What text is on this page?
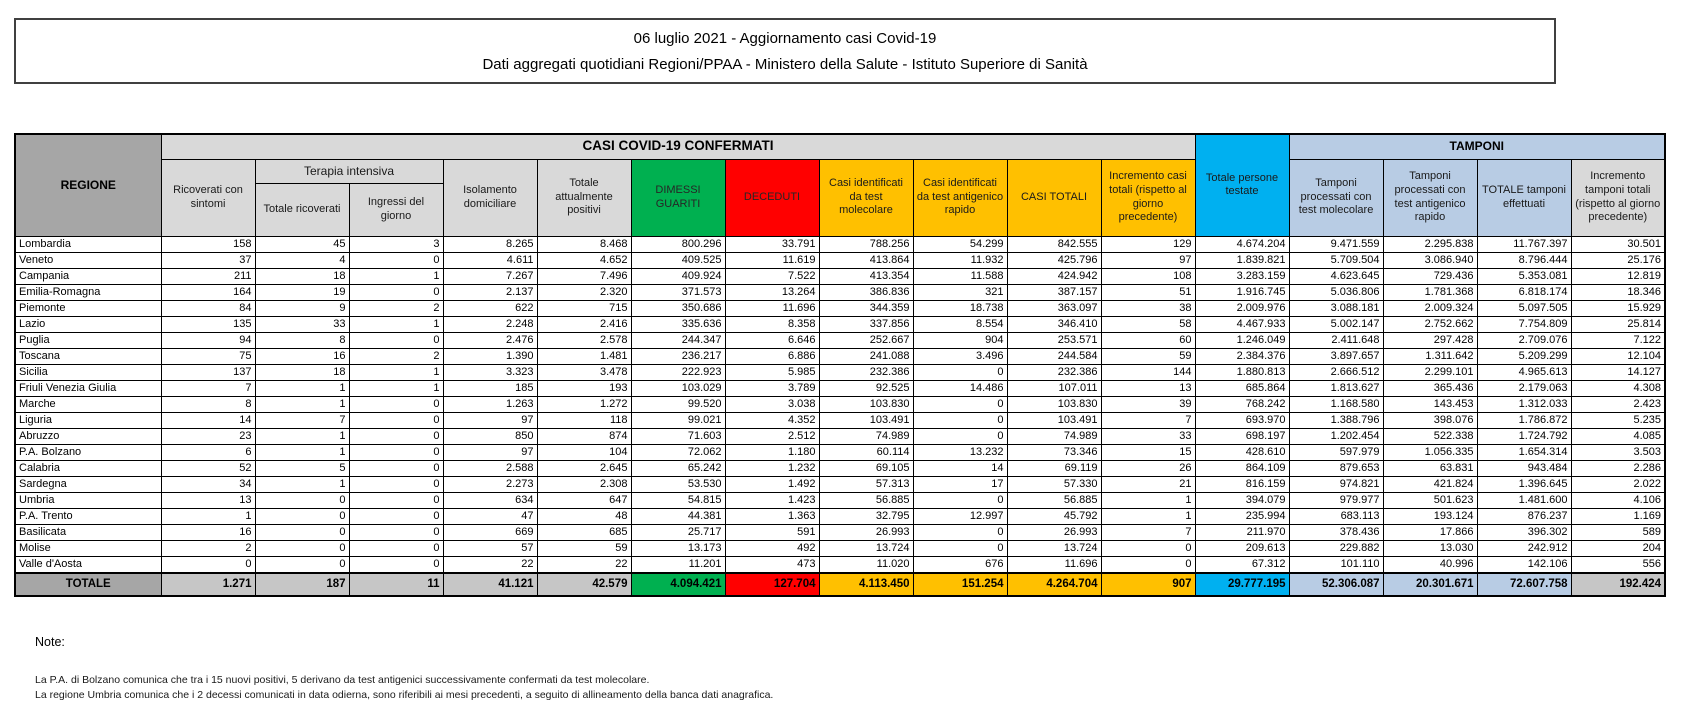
06 luglio 2021 - Aggiornamento casi Covid-19
Dati aggregati quotidiani Regioni/PPAA - Ministero della Salute - Istituto Superiore di Sanità
REGIONE	CASI COVID-19 CONFERMATI											Totale persone testate	TAMPONI			
	Ricoverati con sintomi	Terapia intensiva		Isolamento domiciliare	Totale attualmente positivi	DIMESSI GUARITI	DECEDUTI	Casi identificati da test molecolare	Casi identificati da test antigenico rapido	CASI TOTALI	Incremento casi totali (rispetto al giorno precedente)		Tamponi processati con test molecolare	Tamponi processati con test antigenico rapido	TOTALE tamponi effettuati	Incremento tamponi totali (rispetto al giorno precedente)
		Totale ricoverati	Ingressi del giorno													
Lombardia	158	45	3	8.265	8.468	800.296	33.791	788.256	54.299	842.555	129	4.674.204	9.471.559	2.295.838	11.767.397	30.501
Veneto	37	4	0	4.611	4.652	409.525	11.619	413.864	11.932	425.796	97	1.839.821	5.709.504	3.086.940	8.796.444	25.176
Campania	211	18	1	7.267	7.496	409.924	7.522	413.354	11.588	424.942	108	3.283.159	4.623.645	729.436	5.353.081	12.819
Emilia-Romagna	164	19	0	2.137	2.320	371.573	13.264	386.836	321	387.157	51	1.916.745	5.036.806	1.781.368	6.818.174	18.346
Piemonte	84	9	2	622	715	350.686	11.696	344.359	18.738	363.097	38	2.009.976	3.088.181	2.009.324	5.097.505	15.929
Lazio	135	33	1	2.248	2.416	335.636	8.358	337.856	8.554	346.410	58	4.467.933	5.002.147	2.752.662	7.754.809	25.814
Puglia	94	8	0	2.476	2.578	244.347	6.646	252.667	904	253.571	60	1.246.049	2.411.648	297.428	2.709.076	7.122
Toscana	75	16	2	1.390	1.481	236.217	6.886	241.088	3.496	244.584	59	2.384.376	3.897.657	1.311.642	5.209.299	12.104
Sicilia	137	18	1	3.323	3.478	222.923	5.985	232.386	0	232.386	144	1.880.813	2.666.512	2.299.101	4.965.613	14.127
Friuli Venezia Giulia	7	1	1	185	193	103.029	3.789	92.525	14.486	107.011	13	685.864	1.813.627	365.436	2.179.063	4.308
Marche	8	1	0	1.263	1.272	99.520	3.038	103.830	0	103.830	39	768.242	1.168.580	143.453	1.312.033	2.423
Liguria	14	7	0	97	118	99.021	4.352	103.491	0	103.491	7	693.970	1.388.796	398.076	1.786.872	5.235
Abruzzo	23	1	0	850	874	71.603	2.512	74.989	0	74.989	33	698.197	1.202.454	522.338	1.724.792	4.085
P.A. Bolzano	6	1	0	97	104	72.062	1.180	60.114	13.232	73.346	15	428.610	597.979	1.056.335	1.654.314	3.503
Calabria	52	5	0	2.588	2.645	65.242	1.232	69.105	14	69.119	26	864.109	879.653	63.831	943.484	2.286
Sardegna	34	1	0	2.273	2.308	53.530	1.492	57.313	17	57.330	21	816.159	974.821	421.824	1.396.645	2.022
Umbria	13	0	0	634	647	54.815	1.423	56.885	0	56.885	1	394.079	979.977	501.623	1.481.600	4.106
P.A. Trento	1	0	0	47	48	44.381	1.363	32.795	12.997	45.792	1	235.994	683.113	193.124	876.237	1.169
Basilicata	16	0	0	669	685	25.717	591	26.993	0	26.993	7	211.970	378.436	17.866	396.302	589
Molise	2	0	0	57	59	13.173	492	13.724	0	13.724	0	209.613	229.882	13.030	242.912	204
Valle d'Aosta	0	0	0	22	22	11.201	473	11.020	676	11.696	0	67.312	101.110	40.996	142.106	556
TOTALE	1.271	187	11	41.121	42.579	4.094.421	127.704	4.113.450	151.254	4.264.704	907	29.777.195	52.306.087	20.301.671	72.607.758	192.424
Note:
La P.A. di Bolzano comunica che tra i 15 nuovi positivi, 5 derivano da test antigenici successivamente confermati da test molecolare.
La regione Umbria comunica che i 2 decessi comunicati in data odierna, sono riferibili ai mesi precedenti, a seguito di allineamento della banca dati anagrafica.
